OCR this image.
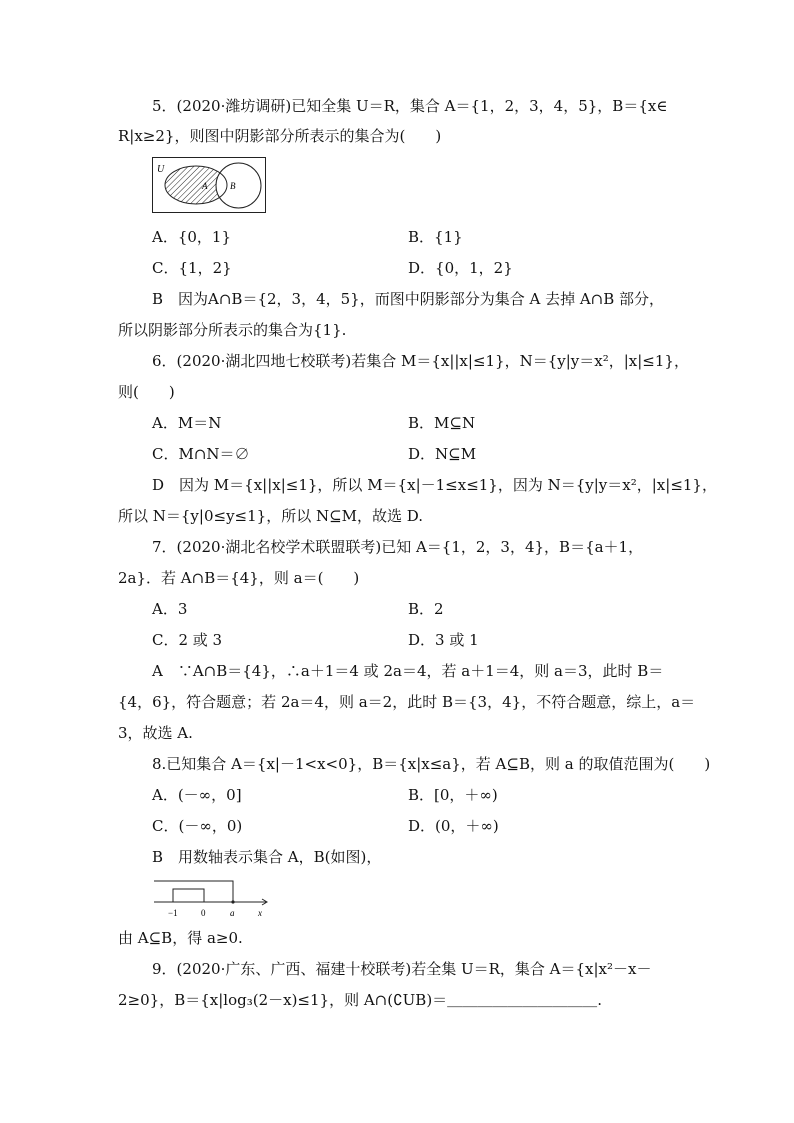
5．(2020·潍坊调研)已知全集 U＝R，集合 A＝{1，2，3，4，5}，B＝{x∈
R|x≥2}，则图中阴影部分所表示的集合为(　　)
U
A	B
A．{0，1}	B．{1}
C．{1，2}	D．{0，1，2}
B　因为A∩B＝{2，3，4，5}，而图中阴影部分为集合 A 去掉 A∩B 部分，
所以阴影部分所表示的集合为{1}.
6．(2020·湖北四地七校联考)若集合 M＝{x||x|≤1}，N＝{y|y＝x²，|x|≤1}，
则(　　)
A．M＝N	B．M⊆N
C．M∩N＝∅	D．N⊆M
D　因为 M＝{x||x|≤1}，所以 M＝{x|－1≤x≤1}，因为 N＝{y|y＝x²，|x|≤1}，
所以 N＝{y|0≤y≤1}，所以 N⊆M，故选 D.
7．(2020·湖北名校学术联盟联考)已知 A＝{1，2，3，4}，B＝{a＋1，
2a}．若 A∩B＝{4}，则 a＝(　　)
A．3	B．2
C．2 或 3	D．3 或 1
A　∵A∩B＝{4}，∴a＋1＝4 或 2a＝4，若 a＋1＝4，则 a＝3，此时 B＝
{4，6}，符合题意；若 2a＝4，则 a＝2，此时 B＝{3，4}，不符合题意，综上，a＝
3，故选 A.
8.已知集合 A＝{x|－1<x<0}，B＝{x|x≤a}，若 A⊆B，则 a 的取值范围为(　　)
A．(－∞，0]	B．[0，＋∞)
C．(－∞，0)	D．(0，＋∞)
B　用数轴表示集合 A，B(如图)，
−1	0	a	x
由 A⊆B，得 a≥0.
9．(2020·广东、广西、福建十校联考)若全集 U＝R，集合 A＝{x|x²－x－
2≥0}，B＝{x|log₃(2－x)≤1}，则 A∩(∁UB)＝＿＿＿＿＿＿＿＿＿＿.
